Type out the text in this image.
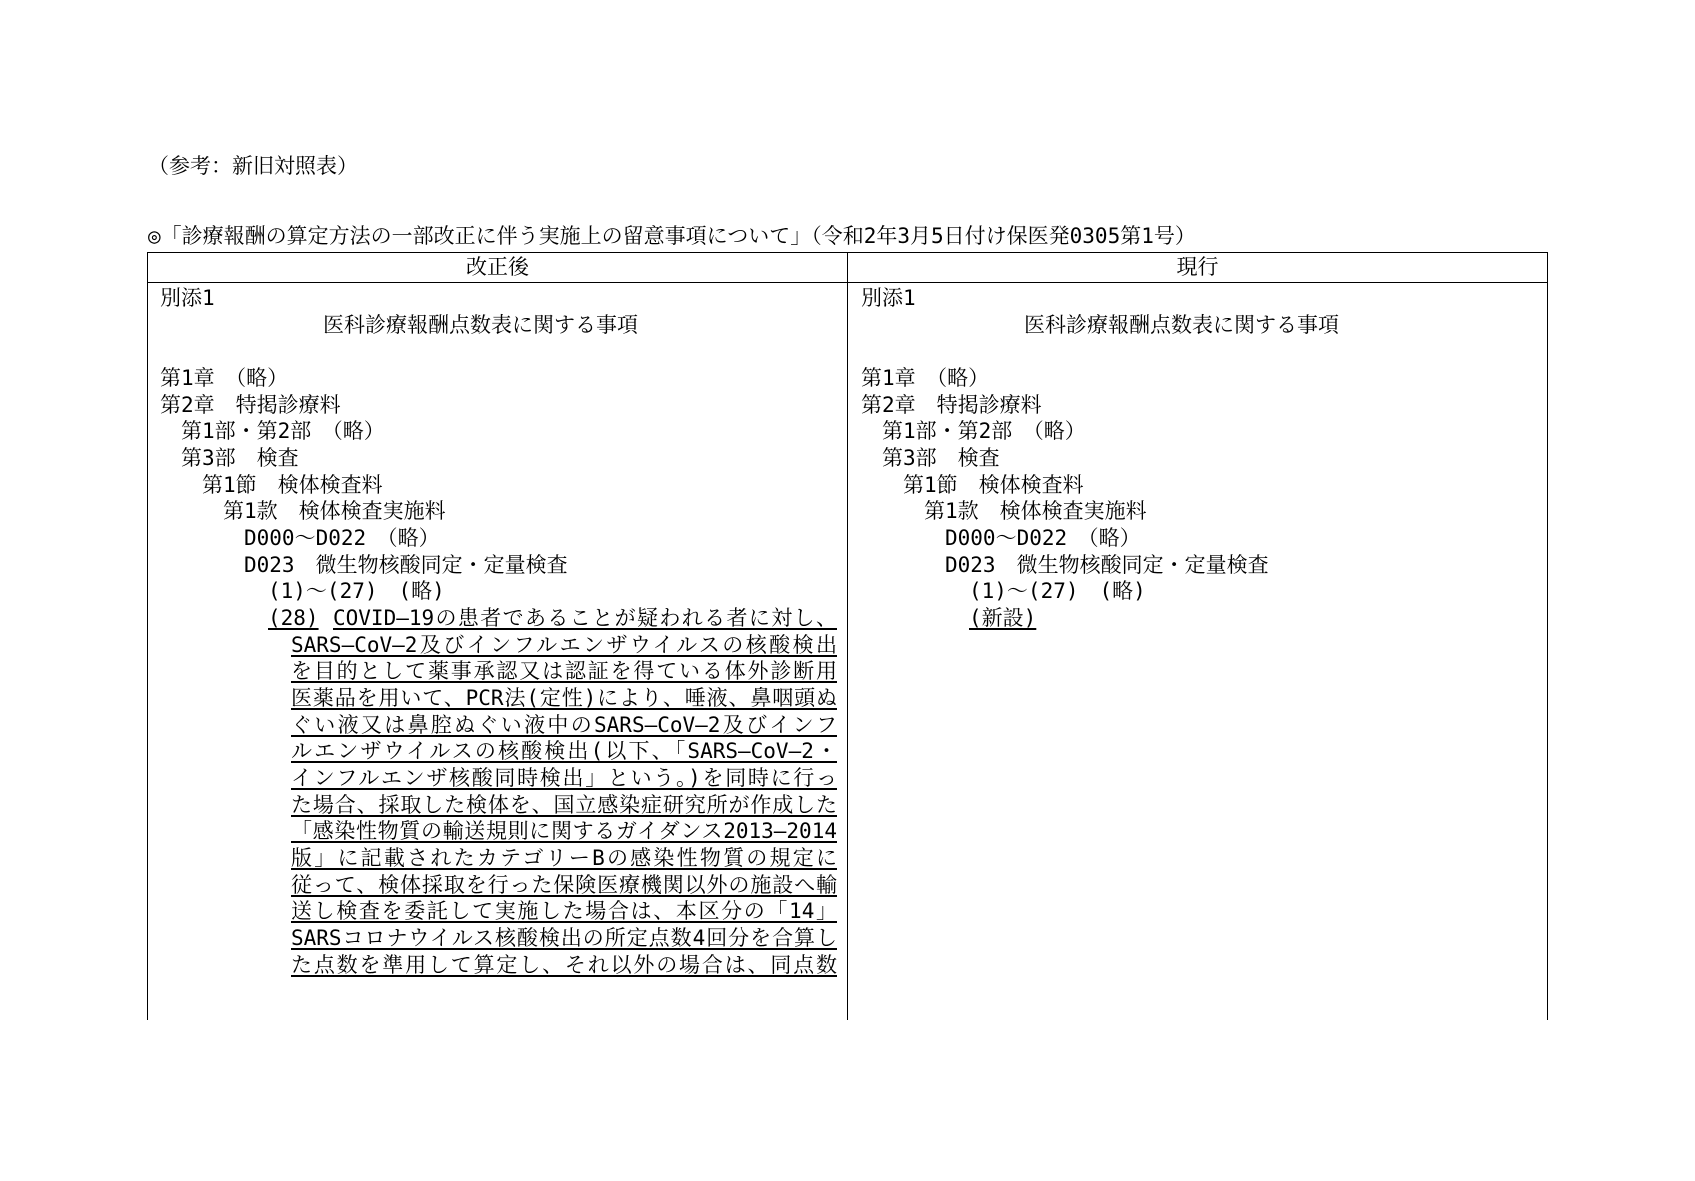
（参考：新旧対照表）
◎「診療報酬の算定方法の一部改正に伴う実施上の留意事項について」（令和2年3月5日付け保医発0305第1号）
改正後	現行
別添1
医科診療報酬点数表に関する事項
第1章　（略）
第2章　特掲診療料
第1部・第2部　（略）
第3部　検査
第1節　検体検査料
第1款　検体検査実施料
D000～D022　（略）
D023　微生物核酸同定・定量検査
(1)～(27)　(略)
(28) COVID―19の患者であることが疑われる者に対し、
SARS―CoV―2及びインフルエンザウイルスの核酸検出
を目的として薬事承認又は認証を得ている体外診断用
医薬品を用いて、PCR法(定性)により、唾液、鼻咽頭ぬ
ぐい液又は鼻腔ぬぐい液中のSARS―CoV―2及びインフ
ルエンザウイルスの核酸検出(以下、「SARS―CoV―2・
インフルエンザ核酸同時検出」という。)を同時に行っ
た場合、採取した検体を、国立感染症研究所が作成した
「感染性物質の輸送規則に関するガイダンス2013―2014
版」に記載されたカテゴリーBの感染性物質の規定に
従って、検体採取を行った保険医療機関以外の施設へ輸
送し検査を委託して実施した場合は、本区分の「14」
SARSコロナウイルス核酸検出の所定点数4回分を合算し
た点数を準用して算定し、それ以外の場合は、同点数
別添1
医科診療報酬点数表に関する事項
第1章　（略）
第2章　特掲診療料
第1部・第2部　（略）
第3部　検査
第1節　検体検査料
第1款　検体検査実施料
D000～D022　（略）
D023　微生物核酸同定・定量検査
(1)～(27)　(略)
(新設)
